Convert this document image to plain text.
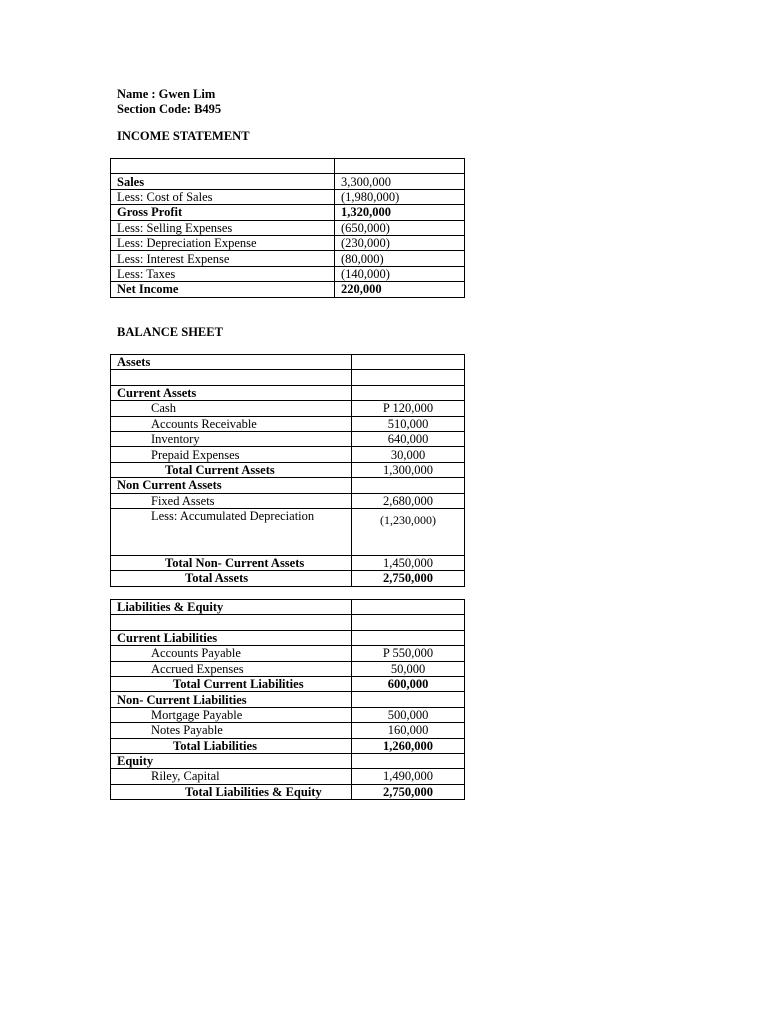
Name : Gwen Lim
Section Code: B495
INCOME STATEMENT

Sales	3,300,000
Less: Cost of Sales	(1,980,000)
Gross Profit	1,320,000
Less: Selling Expenses	(650,000)
Less: Depreciation Expense	(230,000)
Less: Interest Expense	(80,000)
Less: Taxes	(140,000)
Net Income	220,000
BALANCE SHEET
Assets	

Current Assets	
Cash	P 120,000
Accounts Receivable	510,000
Inventory	640,000
Prepaid Expenses	30,000
Total Current Assets	1,300,000
Non Current Assets	
Fixed Assets	2,680,000
Less: Accumulated Depreciation	(1,230,000)
Total Non- Current Assets	1,450,000
Total Assets	2,750,000
Liabilities & Equity	

Current Liabilities	
Accounts Payable	P 550,000
Accrued Expenses	50,000
Total Current Liabilities	600,000
Non- Current Liabilities	
Mortgage Payable	500,000
Notes Payable	160,000
Total Liabilities	1,260,000
Equity	
Riley, Capital	1,490,000
Total Liabilities & Equity	2,750,000
